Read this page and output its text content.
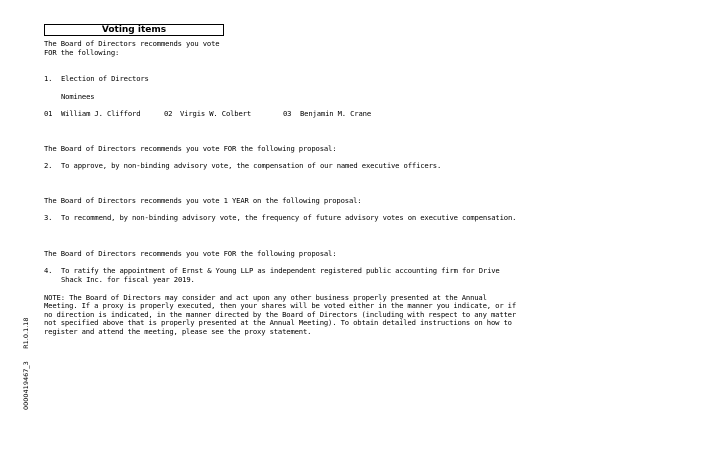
Voting items
The Board of Directors recommends you vote
FOR the following:
1. Election of Directors
Nominees
01 William J. Clifford	02 Virgis W. Colbert	03 Benjamin M. Crane
The Board of Directors recommends you vote FOR the following proposal:
2. To approve, by non-binding advisory vote, the compensation of our named executive officers.
The Board of Directors recommends you vote 1 YEAR on the following proposal:
3. To recommend, by non-binding advisory vote, the frequency of future advisory votes on executive compensation.
The Board of Directors recommends you vote FOR the following proposal:
4. To ratify the appointment of Ernst & Young LLP as independent registered public accounting firm for Drive
Shack Inc. for fiscal year 2019.
NOTE: The Board of Directors may consider and act upon any other business properly presented at the Annual
Meeting. If a proxy is properly executed, then your shares will be voted either in the manner you indicate, or if
no direction is indicated, in the manner directed by the Board of Directors (including with respect to any matter
not specified above that is properly presented at the Annual Meeting). To obtain detailed instructions on how to
register and attend the meeting, please see the proxy statement.
0000419467_3      R1.0.1.18
